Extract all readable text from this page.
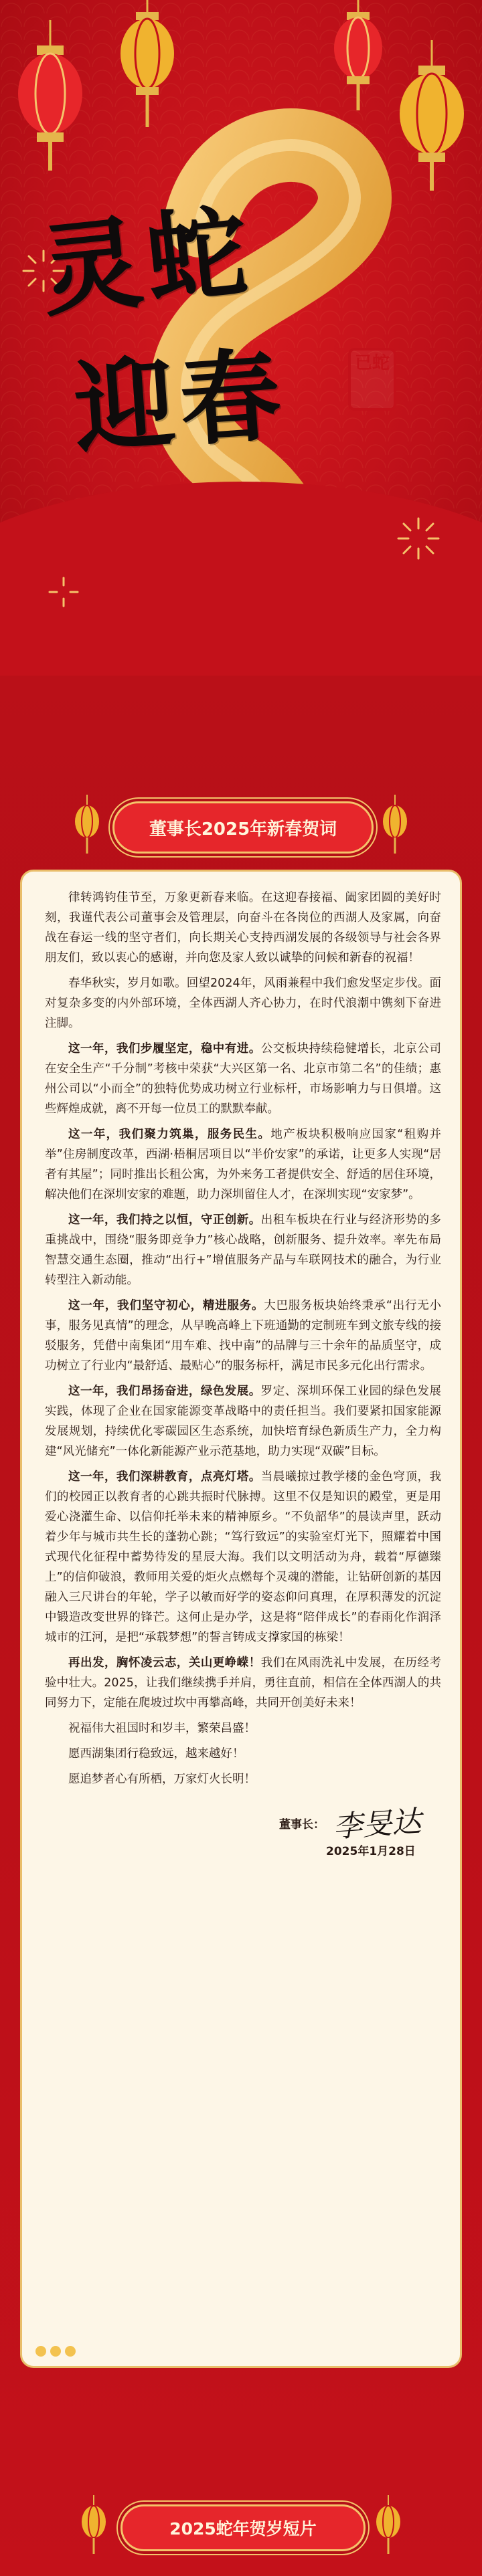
灵蛇
迎春	已蛇
董事长2025年新春贺词

律转鸿钧佳节至，万象更新春来临。在这迎春接福、阖家团圆的美好时刻，我谨代表公司董事会及管理层，向奋斗在各岗位的西湖人及家属，向奋战在春运一线的坚守者们，向长期关心支持西湖发展的各级领导与社会各界朋友们，致以衷心的感谢，并向您及家人致以诚挚的问候和新春的祝福！

春华秋实，岁月如歌。回望2024年，风雨兼程中我们愈发坚定步伐。面对复杂多变的内外部环境，全体西湖人齐心协力，在时代浪潮中镌刻下奋进注脚。

这一年，我们步履坚定，稳中有进。公交板块持续稳健增长，北京公司在安全生产“千分制”考核中荣获“大兴区第一名、北京市第二名”的佳绩；惠州公司以“小而全”的独特优势成功树立行业标杆，市场影响力与日俱增。这些辉煌成就，离不开每一位员工的默默奉献。

这一年，我们聚力筑巢，服务民生。地产板块积极响应国家“租购并举”住房制度改革，西湖·梧桐居项目以“半价安家”的承诺，让更多人实现“居者有其屋”；同时推出长租公寓，为外来务工者提供安全、舒适的居住环境，解决他们在深圳安家的难题，助力深圳留住人才，在深圳实现“安家梦”。

这一年，我们持之以恒，守正创新。出租车板块在行业与经济形势的多重挑战中，围绕“服务即竞争力”核心战略，创新服务、提升效率。率先布局智慧交通生态圈，推动“出行+”增值服务产品与车联网技术的融合，为行业转型注入新动能。

这一年，我们坚守初心，精进服务。大巴服务板块始终秉承“出行无小事，服务见真情”的理念，从早晚高峰上下班通勤的定制班车到文旅专线的接驳服务，凭借中南集团“用车难、找中南”的品牌与三十余年的品质坚守，成功树立了行业内“最舒适、最贴心”的服务标杆，满足市民多元化出行需求。

这一年，我们昂扬奋进，绿色发展。罗定、深圳环保工业园的绿色发展实践，体现了企业在国家能源变革战略中的责任担当。我们要紧扣国家能源发展规划，持续优化零碳园区生态系统，加快培育绿色新质生产力，全力构建“风光储充”一体化新能源产业示范基地，助力实现“双碳”目标。

这一年，我们深耕教育，点亮灯塔。当晨曦掠过教学楼的金色穹顶，我们的校园正以教育者的心跳共振时代脉搏。这里不仅是知识的殿堂，更是用爱心浇灌生命、以信仰托举未来的精神原乡。“不负韶华”的晨读声里，跃动着少年与城市共生长的蓬勃心跳；“笃行致远”的实验室灯光下，照耀着中国式现代化征程中蓄势待发的星辰大海。我们以文明活动为舟，载着“厚德臻上”的信仰破浪，教师用关爱的炬火点燃每个灵魂的潜能，让钻研创新的基因融入三尺讲台的年轮，学子以敏而好学的姿态仰问真理，在厚积薄发的沉淀中锻造改变世界的锋芒。这何止是办学，这是将“陪伴成长”的春雨化作润泽城市的江河，是把“承载梦想”的誓言铸成支撑家国的栋梁！

再出发，胸怀凌云志，关山更峥嵘！我们在风雨洗礼中发展，在历经考验中壮大。2025，让我们继续携手并肩，勇往直前，相信在全体西湖人的共同努力下，定能在爬坡过坎中再攀高峰，共同开创美好未来！

祝福伟大祖国时和岁丰，繁荣昌盛！

愿西湖集团行稳致远，越来越好！

愿追梦者心有所栖，万家灯火长明！

董事长： 李旻达
2025年1月28日
2025蛇年贺岁短片
